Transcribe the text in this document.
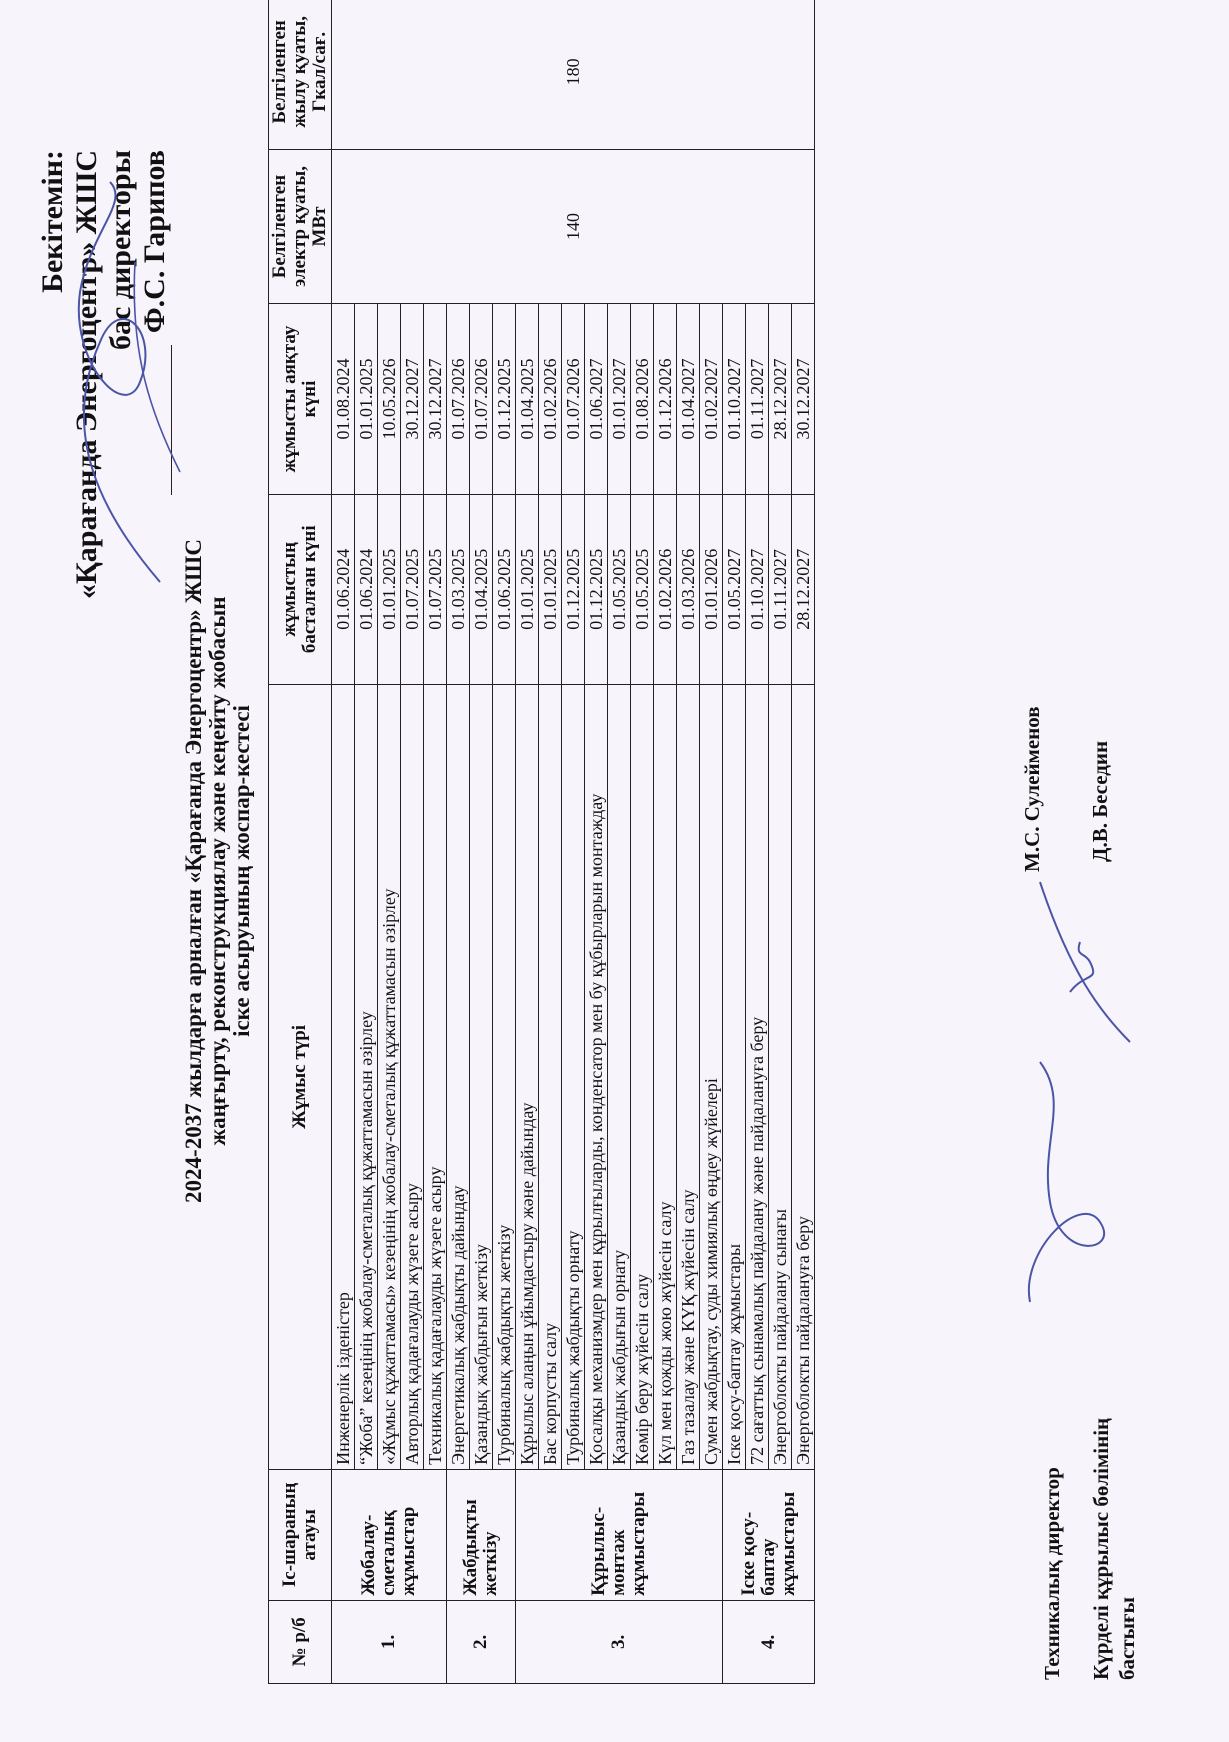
Бекітемін: «Қарағанда Энергоцентр» ЖШС бас директоры Ф.С. Гарипов
2024-2037 жылдарға арналған «Қарағанда Энергоцентр» ЖШС жаңғырту, реконструкциялау және кеңейту жобасын іске асыруының жоспар-кестесі
№ р/б	Іс-шараның атауы	Жұмыс түрі	жұмыстың басталған күні	жұмысты аяқтау күні	Белгіленген электр қуаты, МВт	Белгіленген жылу қуаты, Гкал/сағ.
1.	Жобалау-сметалық жұмыстар	Инженерлік ізденістер	01.06.2024	01.08.2024	140	180
		“Жоба” кезеңінің жобалау-сметалық құжаттамасын әзірлеу	01.06.2024	01.01.2025		
		«Жұмыс құжаттамасы» кезеңінің жобалау-сметалық құжаттамасын әзірлеу	01.01.2025	10.05.2026		
		Авторлық қадағалауды жүзеге асыру	01.07.2025	30.12.2027		
		Техникалық қадағалауды жүзеге асыру	01.07.2025	30.12.2027		
2.	Жабдықты жеткізу	Энергетикалық жабдықты дайындау	01.03.2025	01.07.2026		
		Қазандық жабдығын жеткізу	01.04.2025	01.07.2026		
		Турбиналық жабдықты жеткізу	01.06.2025	01.12.2025		
3.	Құрылыс-монтаж жұмыстары	Құрылыс алаңын ұйымдастыру және дайындау	01.01.2025	01.04.2025		
		Бас корпусты салу	01.01.2025	01.02.2026		
		Турбиналық жабдықты орнату	01.12.2025	01.07.2026		
		Қосалқы механизмдер мен құрылғыларды, конденсатор мен бу құбырларын монтаждау	01.12.2025	01.06.2027		
		Қазандық жабдығын орнату	01.05.2025	01.01.2027		
		Көмір беру жүйесін салу	01.05.2025	01.08.2026		
		Күл мен қожды жою жүйесін салу	01.02.2026	01.12.2026		
		Газ тазалау және КҮҚ жүйесін салу	01.03.2026	01.04.2027		
		Сумен жабдықтау, суды химиялық өңдеу жүйелері	01.01.2026	01.02.2027		
4.	Іске қосу-баптау жұмыстары	Іске қосу-баптау жұмыстары	01.05.2027	01.10.2027		
		72 сағаттық сынамалық пайдалану және пайдалануға беру	01.10.2027	01.11.2027		
		Энергоблокты пайдалану сынағы	01.11.2027	28.12.2027		
		Энергоблокты пайдалануға беру	28.12.2027	30.12.2027		
Техникалық директор
М.С. Сулейменов
Күрделі құрылыс бөлімінің бастығы
Д.В. Беседин
